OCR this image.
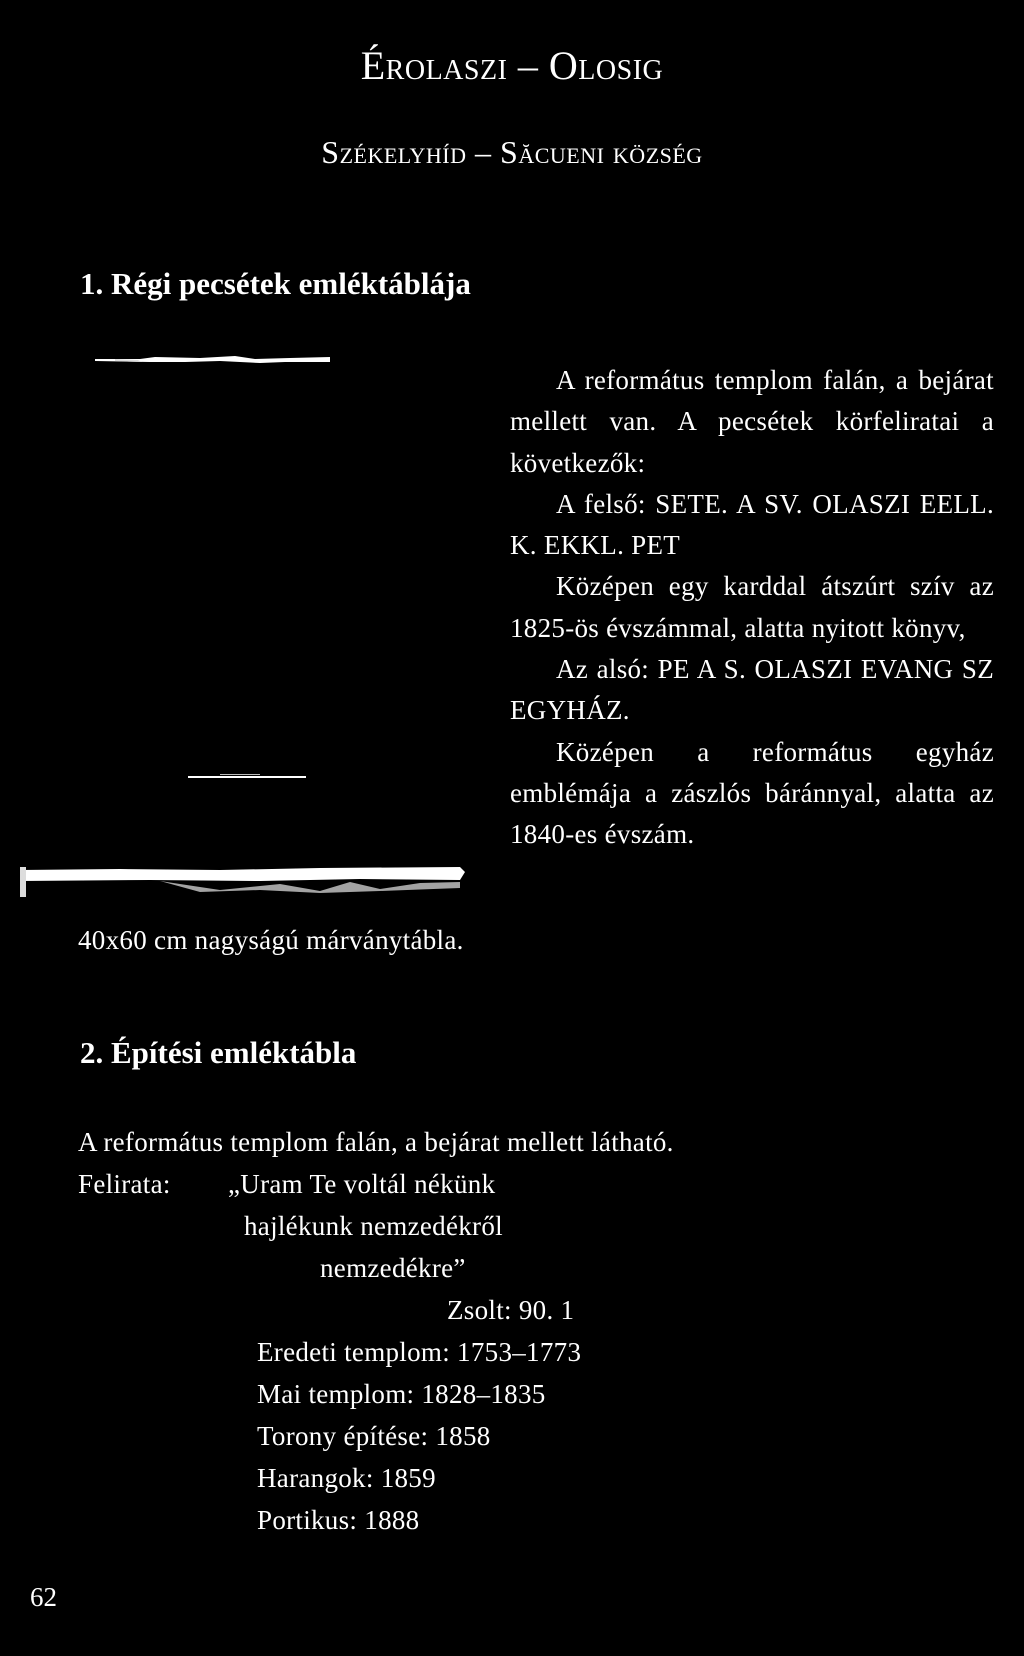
Érolaszi – Olosig
Székelyhíd – Săcueni község
1. Régi pecsétek emléktáblája

A református templom falán, a bejárat mellett van. A pecsétek körfeliratai a következők:

A felső: SETE. A SV. OLASZI EELL. K. EKKL. PET

Középen egy karddal átszúrt szív az 1825-ös évszámmal, alatta nyitott könyv,

Az alsó: PE A S. OLASZI EVANG SZ EGYHÁZ.

Középen a református egyház emblémája a zászlós báránnyal, alatta az 1840-es évszám.

40x60 cm nagyságú márványtábla.
2. Építési emléktábla
A református templom falán, a bejárat mellett látható.
Felirata: „Uram Te voltál nékünk
hajlékunk nemzedékről
nemzedékre”
Zsolt: 90. 1
Eredeti templom: 1753–1773
Mai templom: 1828–1835
Torony építése: 1858
Harangok: 1859
Portikus: 1888
62
